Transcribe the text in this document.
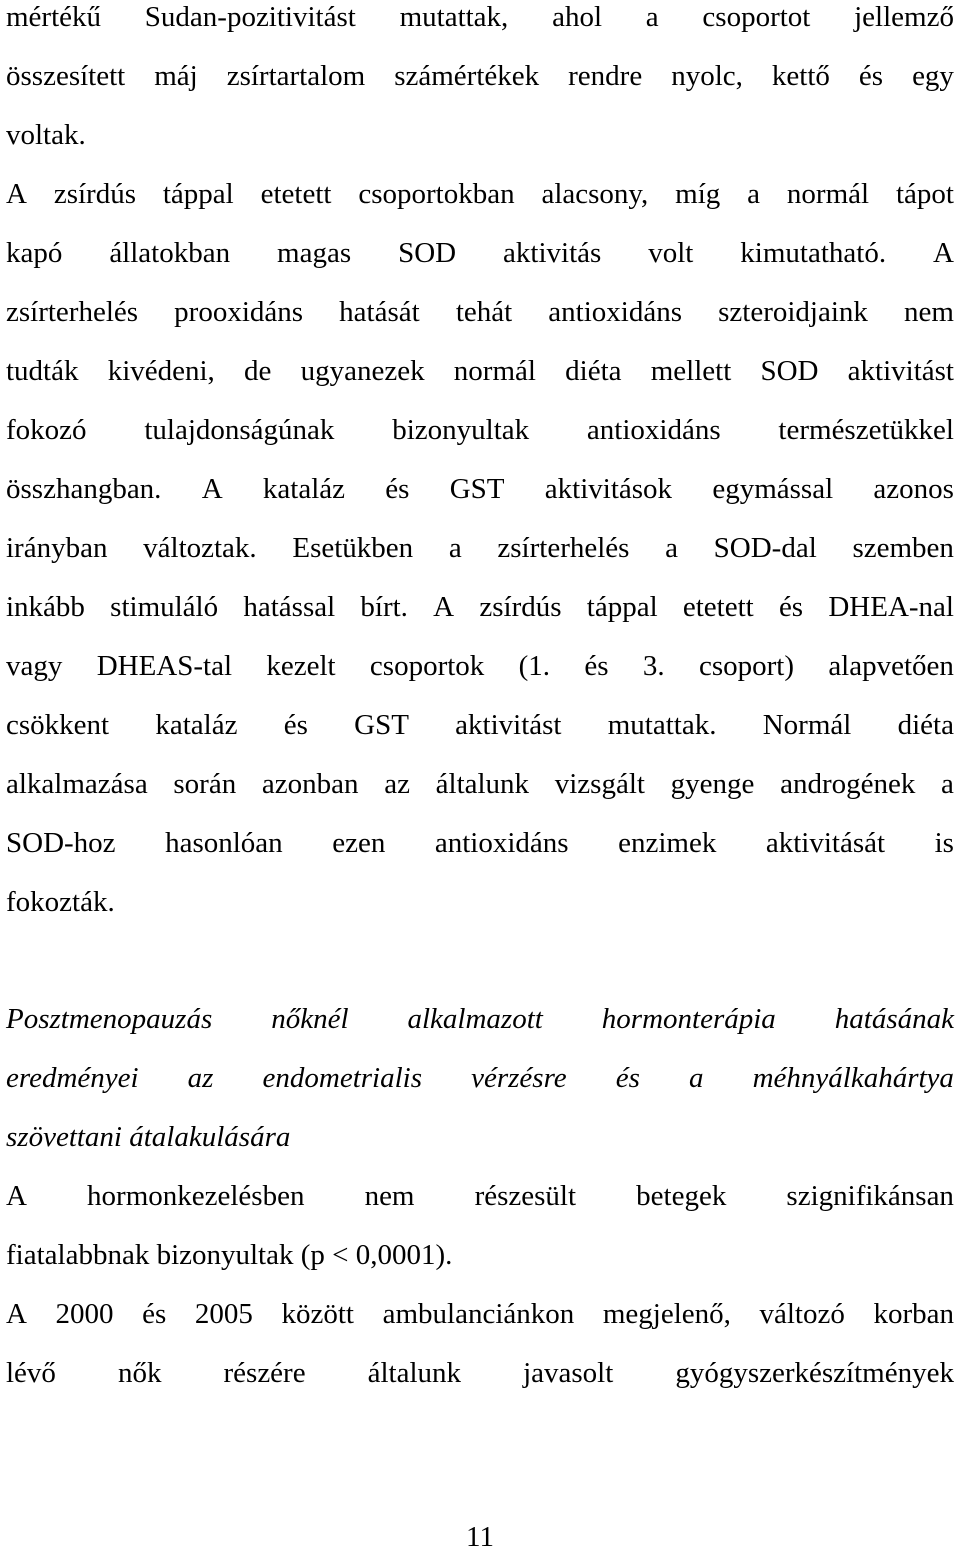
mértékű Sudan-pozitivitást mutattak, ahol a csoportot jellemző
összesített máj zsírtartalom számértékek rendre nyolc, kettő és egy
voltak.
A zsírdús táppal etetett csoportokban alacsony, míg a normál tápot
kapó állatokban magas SOD aktivitás volt kimutatható. A
zsírterhelés prooxidáns hatását tehát antioxidáns szteroidjaink nem
tudták kivédeni, de ugyanezek normál diéta mellett SOD aktivitást
fokozó tulajdonságúnak bizonyultak antioxidáns természetükkel
összhangban. A kataláz és GST aktivitások egymással azonos
irányban változtak. Esetükben a zsírterhelés a SOD-dal szemben
inkább stimuláló hatással bírt. A zsírdús táppal etetett és DHEA-nal
vagy DHEAS-tal kezelt csoportok (1. és 3. csoport) alapvetően
csökkent kataláz és GST aktivitást mutattak. Normál diéta
alkalmazása során azonban az általunk vizsgált gyenge androgének a
SOD-hoz hasonlóan ezen antioxidáns enzimek aktivitását is
fokozták.
Posztmenopauzás nőknél alkalmazott hormonterápia hatásának
eredményei az endometrialis vérzésre és a méhnyálkahártya
szövettani átalakulására
A hormonkezelésben nem részesült betegek szignifikánsan
fiatalabbnak bizonyultak (p < 0,0001).
A 2000 és 2005 között ambulanciánkon megjelenő, változó korban
lévő nők részére általunk javasolt gyógyszerkészítmények
11
